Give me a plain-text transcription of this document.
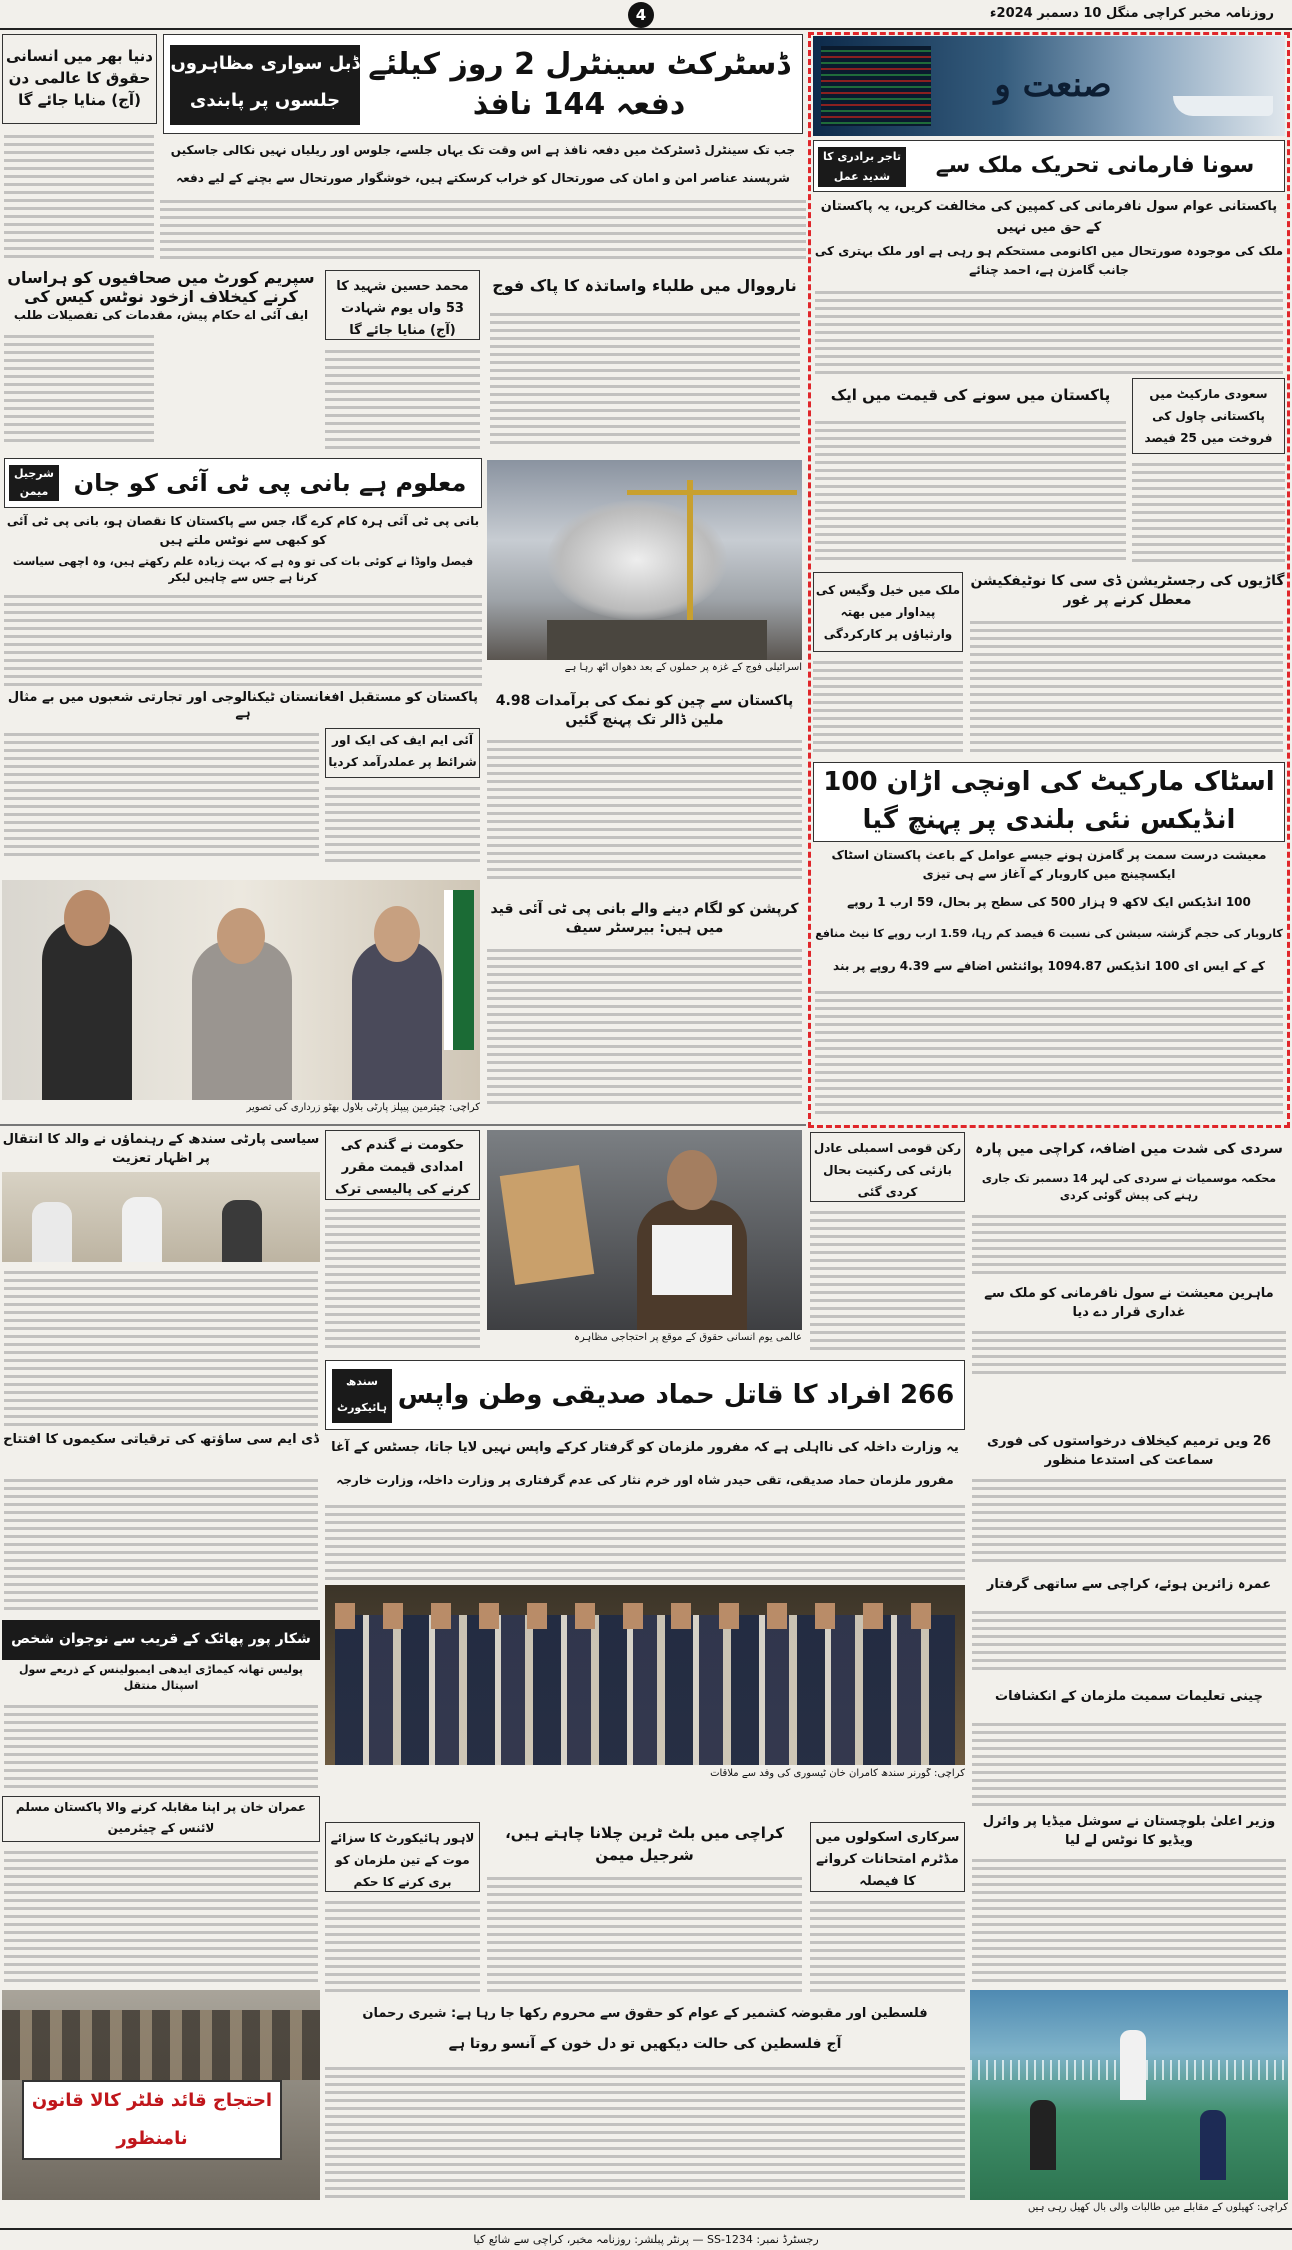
4	روزنامہ مخبر کراچی منگل 10 دسمبر 2024ء
دنیا بھر میں انسانی حقوق کا عالمی دن (آج) منایا جائے گا
سپریم کورٹ میں صحافیوں کو ہراساں کرنے کیخلاف ازخود نوٹس کیس کی
ایف آئی اے حکام پیش، مقدمات کی تفصیلات طلب
ڈسٹرکٹ سینٹرل 2 روز کیلئے دفعہ 144 نافذ
ڈبل سواری مظاہروں
جلسوں پر پابندی
جب تک سینٹرل ڈسٹرکٹ میں دفعہ نافذ ہے اس وقت تک یہاں جلسے، جلوس اور ریلیاں نہیں نکالی جاسکیں
شرپسند عناصر امن و امان کی صورتحال کو خراب کرسکتے ہیں، خوشگوار صورتحال سے بچنے کے لیے دفعہ
نارووال میں طلباء واساتذہ کا پاک فوج
محمد حسین شہید کا 53 واں یوم شہادت (آج) منایا جائے گا
معلوم ہے بانی پی ٹی آئی کو جان
شرجیل میمن
بانی پی ٹی آئی ہرہ کام کرے گا، جس سے پاکستان کا نقصان ہو، بانی پی ٹی آئی کو کبھی سے نوٹس ملتے ہیں
فیصل واوڈا نے کوئی بات کی تو وہ ہے کہ بہت زیادہ علم رکھتے ہیں، وہ اچھی سیاست کرنا ہے جس سے چاہیں لیکر
اسرائیلی فوج کے غزہ پر حملوں کے بعد دھواں اٹھ رہا ہے
پاکستان کو مستقبل افغانستان ٹیکنالوجی اور تجارتی شعبوں میں بے مثال ہے
آئی ایم ایف کی ایک اور شرائط پر عملدرآمد کردیا
پاکستان سے چین کو نمک کی برآمدات 4.98 ملین ڈالر تک پہنچ گئیں
کراچی: چیئرمین پیپلز پارٹی بلاول بھٹو زرداری کی تصویر
کرپشن کو لگام دینے والے بانی پی ٹی آئی قید میں ہیں: بیرسٹر سیف
سیاسی پارٹی سندھ کے رہنماؤں نے والد کا انتقال پر اظہار تعزیت
ڈی ایم سی ساؤتھ کی ترقیاتی سکیموں کا افتتاح
شکار پور پھاٹک کے قریب سے نوجوان شخص
پولیس تھانہ کیماڑی ایدھی ایمبولینس کے ذریعے سول اسپتال منتقل
عمران خان پر اپنا مقابلہ کرنے والا پاکستان مسلم لائنس کے چیئرمین
احتجاج قائد فلٹر کالا قانون نامنظور
حکومت نے گندم کی امدادی قیمت مقرر کرنے کی پالیسی ترک
عالمی یوم انسانی حقوق کے موقع پر احتجاجی مظاہرہ
266 افراد کا قاتل حماد صدیقی وطن واپس
سندھ ہائیکورٹ
یہ وزارت داخلہ کی نااہلی ہے کہ مفرور ملزمان کو گرفتار کرکے واپس نہیں لایا جاتا، جسٹس کے آغا
مفرور ملزمان حماد صدیقی، تقی حیدر شاہ اور خرم نثار کی عدم گرفتاری پر وزارت داخلہ، وزارت خارجہ
کراچی: گورنر سندھ کامران خان ٹیسوری کی وفد سے ملاقات
لاہور ہائیکورٹ کا سزائے موت کے تین ملزمان کو بری کرنے کا حکم
کراچی میں بلٹ ٹرین چلانا چاہتے ہیں، شرجیل میمن
سرکاری اسکولوں میں مڈٹرم امتحانات کروانے کا فیصلہ
فلسطین اور مقبوضہ کشمیر کے عوام کو حقوق سے محروم رکھا جا رہا ہے: شیری رحمان
آج فلسطین کی حالت دیکھیں تو دل خون کے آنسو روتا ہے
صنعت و
سونا فارمانی تحریک ملک سے
تاجر برادری کا شدید عمل
پاکستانی عوام سول نافرمانی کی کمپین کی مخالفت کریں، یہ پاکستان کے حق میں نہیں
ملک کی موجودہ صورتحال میں اکانومی مستحکم ہو رہی ہے اور ملک بہتری کی جانب گامزن ہے، احمد چنائے
پاکستان میں سونے کی قیمت میں ایک	سعودی مارکیٹ میں پاکستانی چاول کی فروخت میں 25 فیصد
گاڑیوں کی رجسٹریشن ڈی سی کا نوٹیفکیشن معطل کرنے پر غور
ملک میں خیل وگیس کی پیداوار میں بھتہ وارثیاؤں پر کارکردگی
اسٹاک مارکیٹ کی اونچی اڑان 100 انڈیکس نئی بلندی پر پہنچ گیا
معیشت درست سمت پر گامزن ہونے جیسے عوامل کے باعث پاکستان اسٹاک ایکسچینج میں کاروبار کے آغاز سے ہی تیزی
100 انڈیکس ایک لاکھ 9 ہزار 500 کی سطح پر بحال، 59 ارب 1 روپے
کاروبار کی حجم گزشتہ سیشن کی نسبت 6 فیصد کم رہا، 1.59 ارب روپے کا نیٹ منافع
کے کے ایس ای 100 انڈیکس 1094.87 پوائنٹس اضافے سے 4.39 روپے پر بند
سردی کی شدت میں اضافہ، کراچی میں پارہ
محکمہ موسمیات نے سردی کی لہر 14 دسمبر تک جاری رہنے کی پیش گوئی کردی
رکن قومی اسمبلی عادل بازئی کی رکنیت بحال کردی گئی
ماہرین معیشت نے سول نافرمانی کو ملک سے غداری قرار دے دیا
26 ویں ترمیم کیخلاف درخواستوں کی فوری سماعت کی استدعا منظور
عمرہ زائرین ہوئے، کراچی سے ساتھی گرفتار
چینی تعلیمات سمیت ملزمان کے انکشافات
وزیر اعلیٰ بلوچستان نے سوشل میڈیا پر وائرل ویڈیو کا نوٹس لے لیا
کراچی: کھیلوں کے مقابلے میں طالبات والی بال کھیل رہی ہیں
رجسٹرڈ نمبر: SS-1234 — پرنٹر پبلشر: روزنامہ مخبر، کراچی سے شائع کیا
